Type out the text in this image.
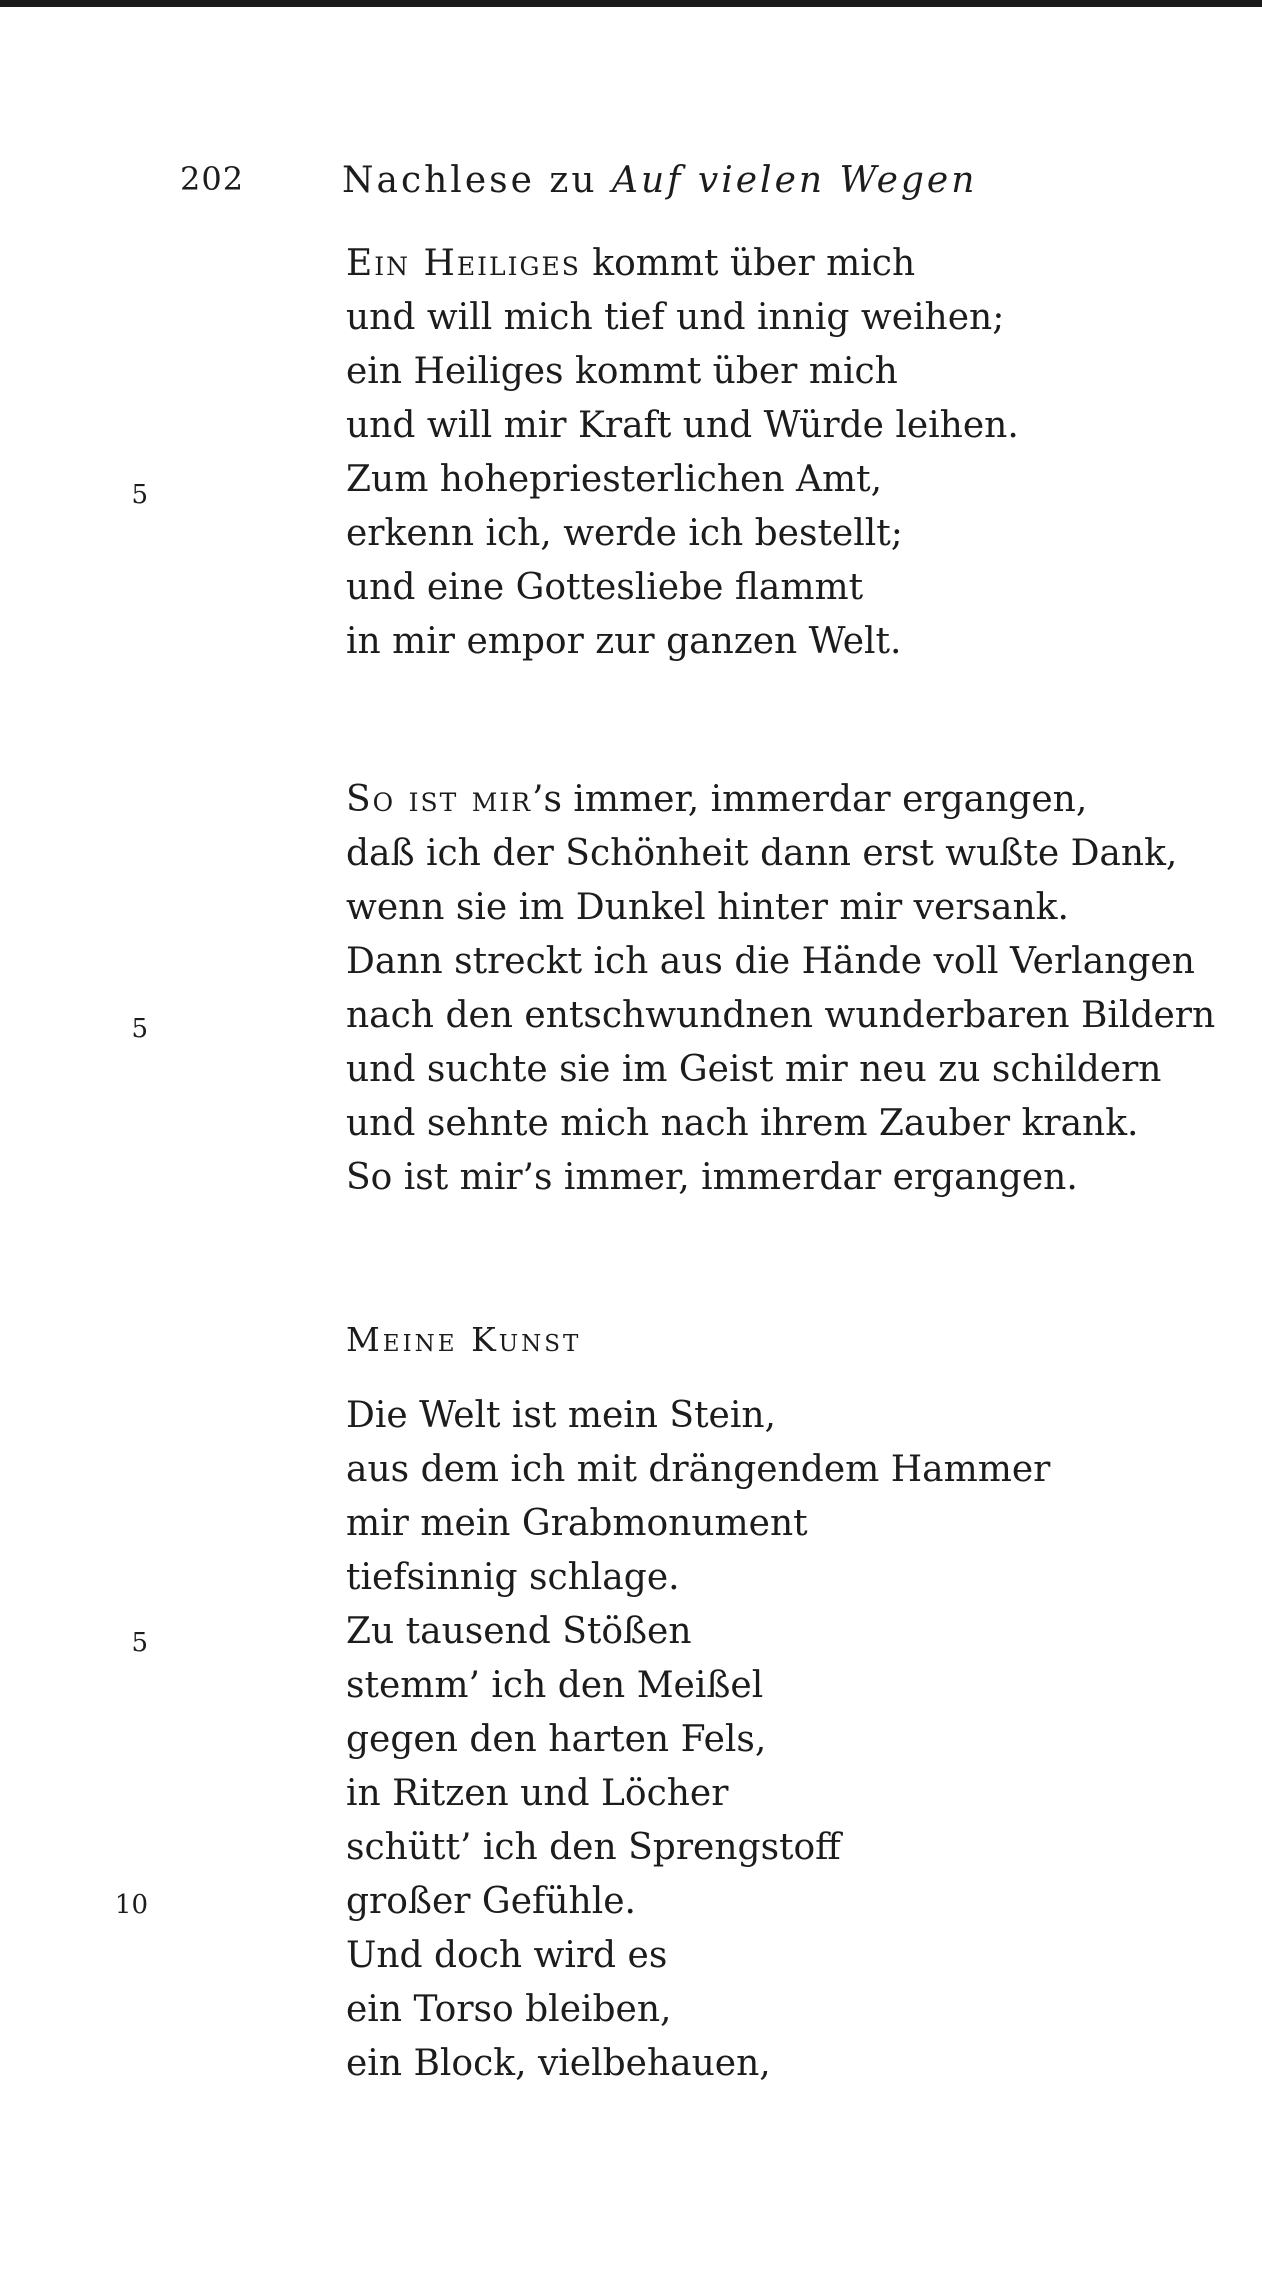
202	Nachlese zu Auf vielen Wegen
Ein Heiliges kommt über mich
und will mich tief und innig weihen;
ein Heiliges kommt über mich
und will mir Kraft und Würde leihen.
5	Zum hohepriesterlichen Amt,
erkenn ich, werde ich bestellt;
und eine Gottesliebe flammt
in mir empor zur ganzen Welt.
So ist mir’s immer, immerdar ergangen,
daß ich der Schönheit dann erst wußte Dank,
wenn sie im Dunkel hinter mir versank.
Dann streckt ich aus die Hände voll Verlangen
5	nach den entschwundnen wunderbaren Bildern
und suchte sie im Geist mir neu zu schildern
und sehnte mich nach ihrem Zauber krank.
So ist mir’s immer, immerdar ergangen.
Meine Kunst
Die Welt ist mein Stein,
aus dem ich mit drängendem Hammer
mir mein Grabmonument
tiefsinnig schlage.
5	Zu tausend Stößen
stemm’ ich den Meißel
gegen den harten Fels,
in Ritzen und Löcher
schütt’ ich den Sprengstoff
10	großer Gefühle.
Und doch wird es
ein Torso bleiben,
ein Block, vielbehauen,
